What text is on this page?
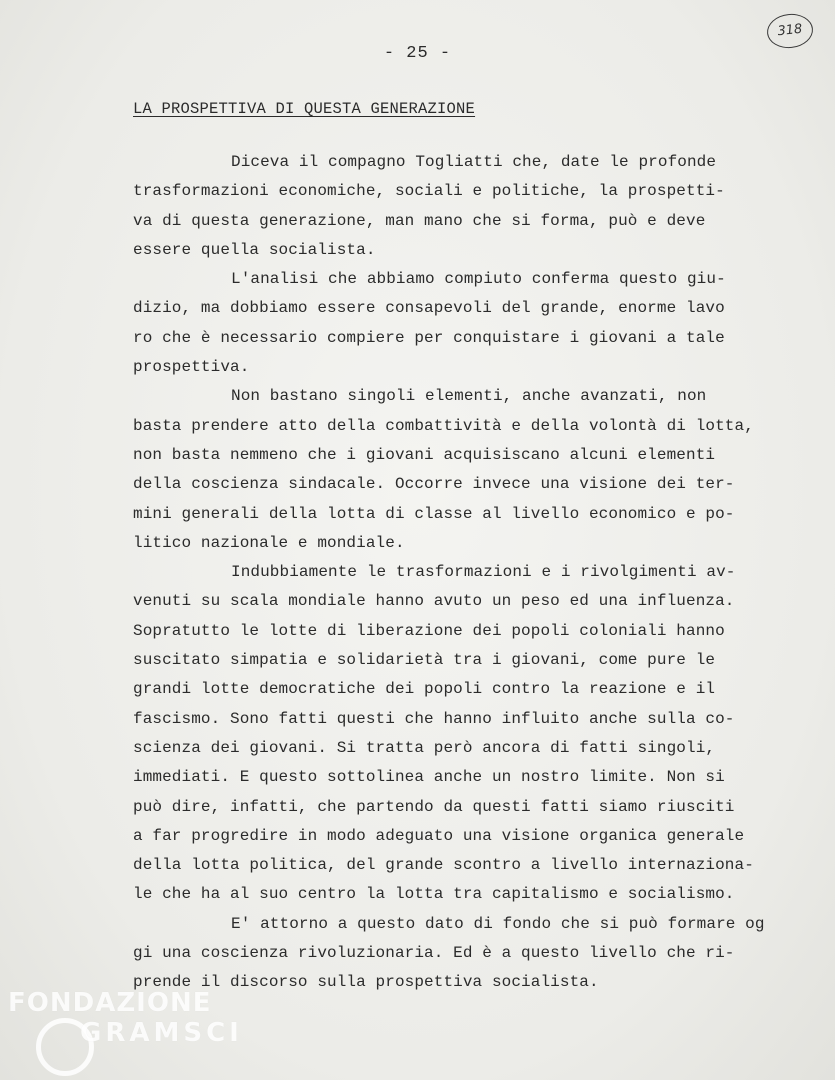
- 25 -
318
LA PROSPETTIVA DI QUESTA GENERAZIONE
Diceva il compagno Togliatti che, date le profonde
trasformazioni economiche, sociali e politiche, la prospetti-
va di questa generazione, man mano che si forma, può e deve
essere quella socialista.
L'analisi che abbiamo compiuto conferma questo giu-
dizio, ma dobbiamo essere consapevoli del grande, enorme lavo
ro che è necessario compiere per conquistare i giovani a tale
prospettiva.
Non bastano singoli elementi, anche avanzati, non
basta prendere atto della combattività e della volontà di lotta,
non basta nemmeno che i giovani acquisiscano alcuni elementi
della coscienza sindacale. Occorre invece una visione dei ter-
mini generali della lotta di classe al livello economico e po-
litico nazionale e mondiale.
Indubbiamente le trasformazioni e i rivolgimenti av-
venuti su scala mondiale hanno avuto un peso ed una influenza.
Sopratutto le lotte di liberazione dei popoli coloniali hanno
suscitato simpatia e solidarietà tra i giovani, come pure le
grandi lotte democratiche dei popoli contro la reazione e il
fascismo. Sono fatti questi che hanno influito anche sulla co-
scienza dei giovani. Si tratta però ancora di fatti singoli,
immediati. E questo sottolinea anche un nostro limite. Non si
può dire, infatti, che partendo da questi fatti siamo riusciti
a far progredire in modo adeguato una visione organica generale
della lotta politica, del grande scontro a livello internaziona-
le che ha al suo centro la lotta tra capitalismo e socialismo.
E' attorno a questo dato di fondo che si può formare og
gi una coscienza rivoluzionaria. Ed è a questo livello che ri-
prende il discorso sulla prospettiva socialista.
FONDAZIONE
GRAMSCI
